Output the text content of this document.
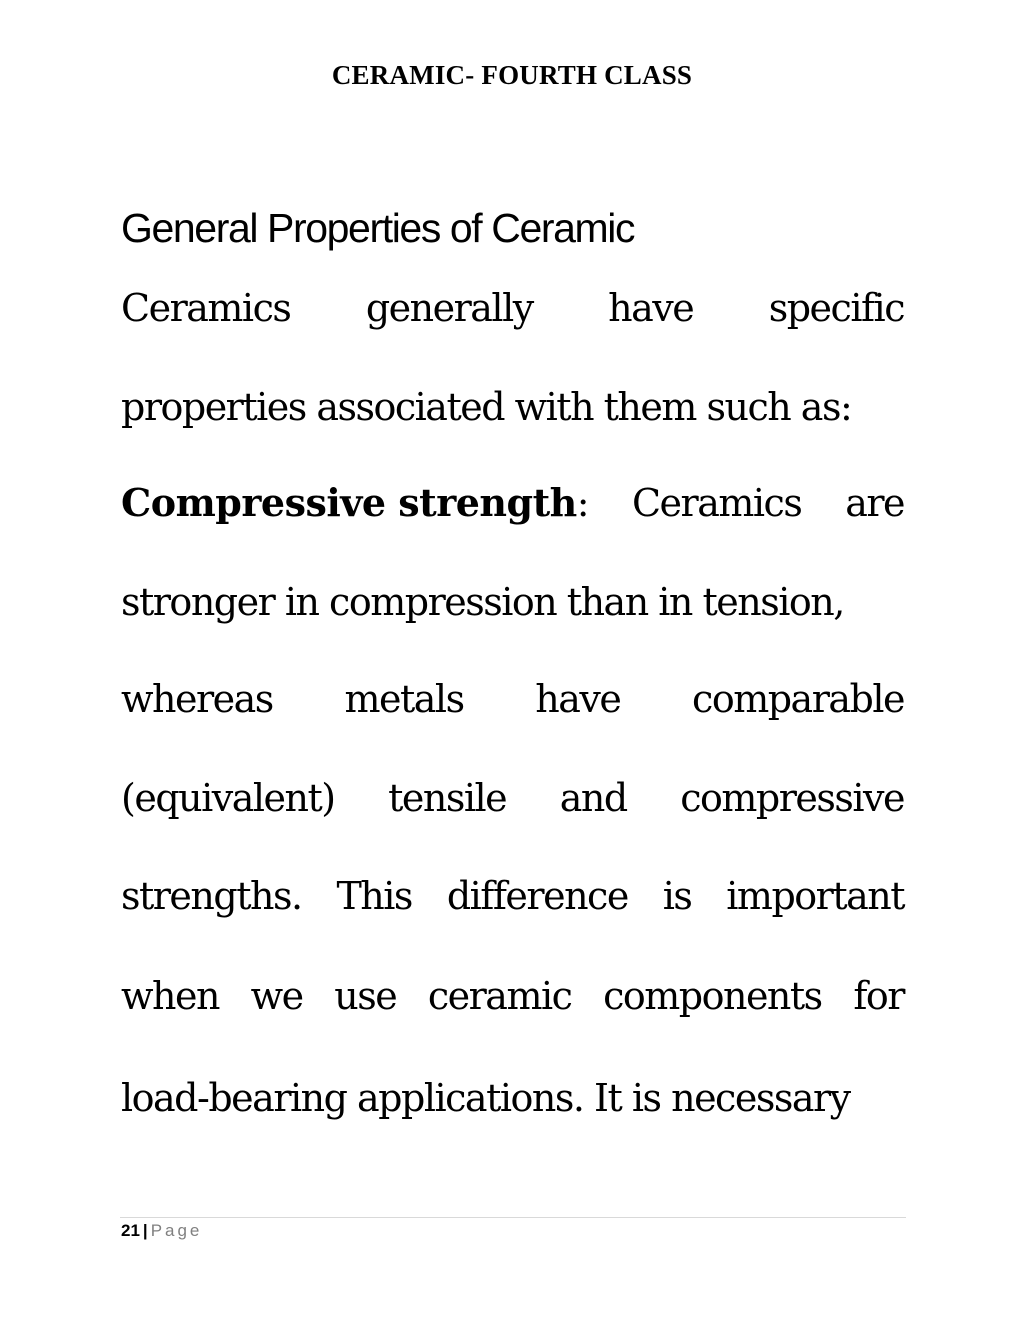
CERAMIC- FOURTH CLASS
General Properties of Ceramic
Ceramics generally have specific
properties associated with them such as:
Compressive strength: Ceramics are
stronger in compression than in tension,
whereas metals have comparable
(equivalent) tensile and compressive
strengths. This difference is important
when we use ceramic components for
load-bearing applications. It is necessary
21 | Page
